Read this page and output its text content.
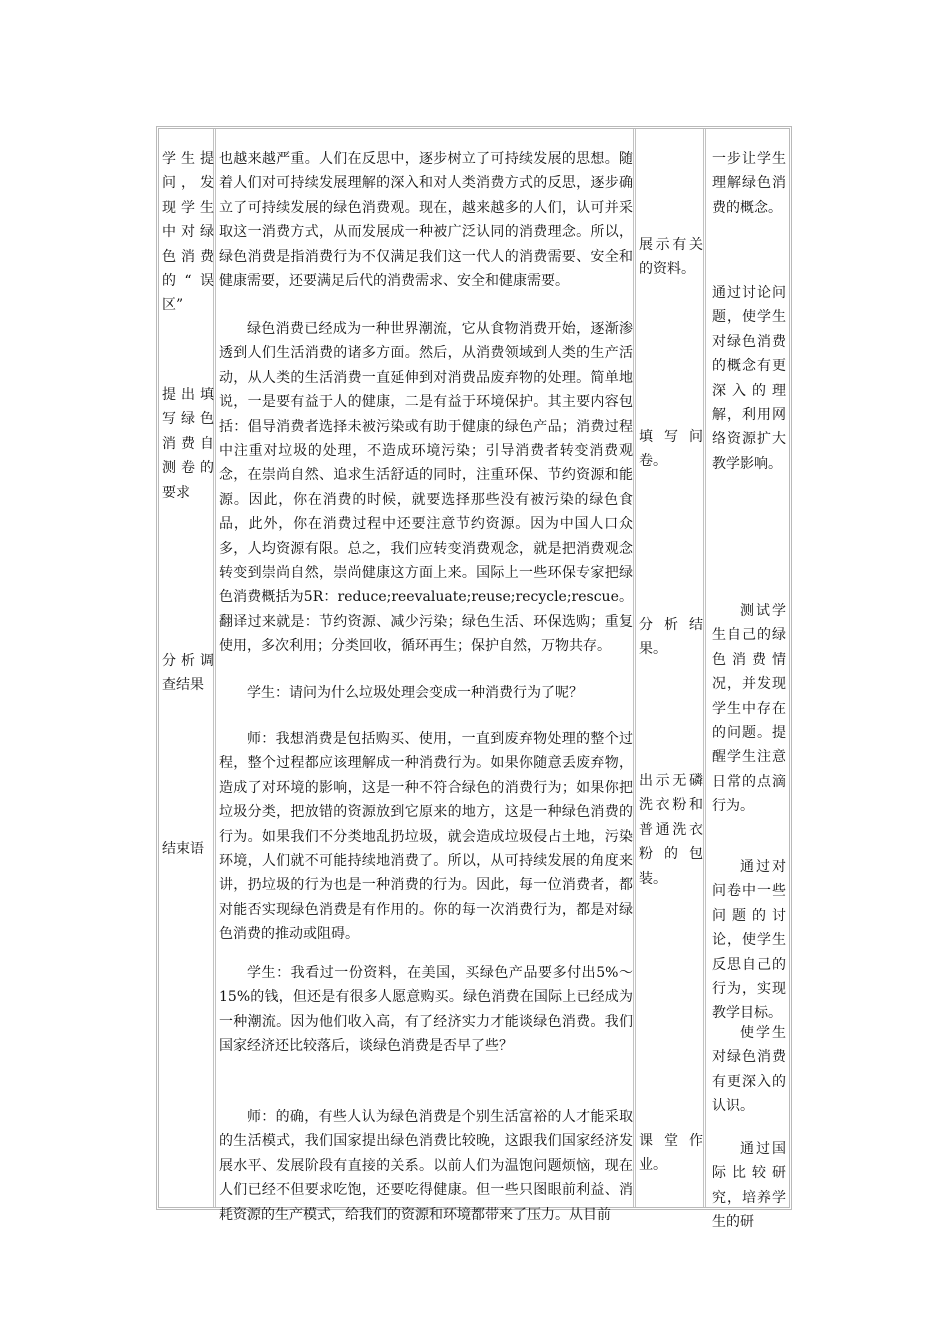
学生提问，发现学生中对绿色消费的“误区”
提出填写绿色消费自测卷的要求
分析调查结果
结束语
也越来越严重。人们在反思中，逐步树立了可持续发展的思想。随着人们对可持续发展理解的深入和对人类消费方式的反思，逐步确立了可持续发展的绿色消费观。现在，越来越多的人们，认可并采取这一消费方式，从而发展成一种被广泛认同的消费理念。所以，绿色消费是指消费行为不仅满足我们这一代人的消费需要、安全和健康需要，还要满足后代的消费需求、安全和健康需要。
绿色消费已经成为一种世界潮流，它从食物消费开始，逐渐渗透到人们生活消费的诸多方面。然后，从消费领域到人类的生产活动，从人类的生活消费一直延伸到对消费品废弃物的处理。简单地说，一是要有益于人的健康，二是有益于环境保护。其主要内容包括：倡导消费者选择未被污染或有助于健康的绿色产品；消费过程中注重对垃圾的处理，不造成环境污染；引导消费者转变消费观念，在崇尚自然、追求生活舒适的同时，注重环保、节约资源和能源。因此，你在消费的时候，就要选择那些没有被污染的绿色食品，此外，你在消费过程中还要注意节约资源。因为中国人口众多，人均资源有限。总之，我们应转变消费观念，就是把消费观念转变到崇尚自然，崇尚健康这方面上来。国际上一些环保专家把绿色消费概括为5R：reduce;reevaluate;reuse;recycle;rescue。翻译过来就是：节约资源、减少污染；绿色生活、环保选购；重复使用，多次利用；分类回收，循环再生；保护自然，万物共存。
学生：请问为什么垃圾处理会变成一种消费行为了呢？
师：我想消费是包括购买、使用，一直到废弃物处理的整个过程，整个过程都应该理解成一种消费行为。如果你随意丢废弃物，造成了对环境的影响，这是一种不符合绿色的消费行为；如果你把垃圾分类，把放错的资源放到它原来的地方，这是一种绿色消费的行为。如果我们不分类地乱扔垃圾，就会造成垃圾侵占土地，污染环境，人们就不可能持续地消费了。所以，从可持续发展的角度来讲，扔垃圾的行为也是一种消费的行为。因此，每一位消费者，都对能否实现绿色消费是有作用的。你的每一次消费行为，都是对绿色消费的推动或阻碍。
学生：我看过一份资料，在美国，买绿色产品要多付出5%～15%的钱，但还是有很多人愿意购买。绿色消费在国际上已经成为一种潮流。因为他们收入高，有了经济实力才能谈绿色消费。我们国家经济还比较落后，谈绿色消费是否早了些？
师：的确，有些人认为绿色消费是个别生活富裕的人才能采取的生活模式，我们国家提出绿色消费比较晚，这跟我们国家经济发展水平、发展阶段有直接的关系。以前人们为温饱问题烦恼，现在人们已经不但要求吃饱，还要吃得健康。但一些只图眼前利益、消耗资源的生产模式，给我们的资源和环境都带来了压力。从目前
展示有关的资料。
填写问卷。
分析结果。
出示无磷洗衣粉和普通洗衣粉的包装。
课堂作业。
一步让学生理解绿色消费的概念。
通过讨论问题，使学生对绿色消费的概念有更深入的理解，利用网络资源扩大教学影响。
测试学生自己的绿色消费情况，并发现学生中存在的问题。提醒学生注意日常的点滴行为。
通过对问卷中一些问题的讨论，使学生反思自己的行为，实现教学目标。
使学生对绿色消费有更深入的认识。
通过国际比较研究，培养学生的研
